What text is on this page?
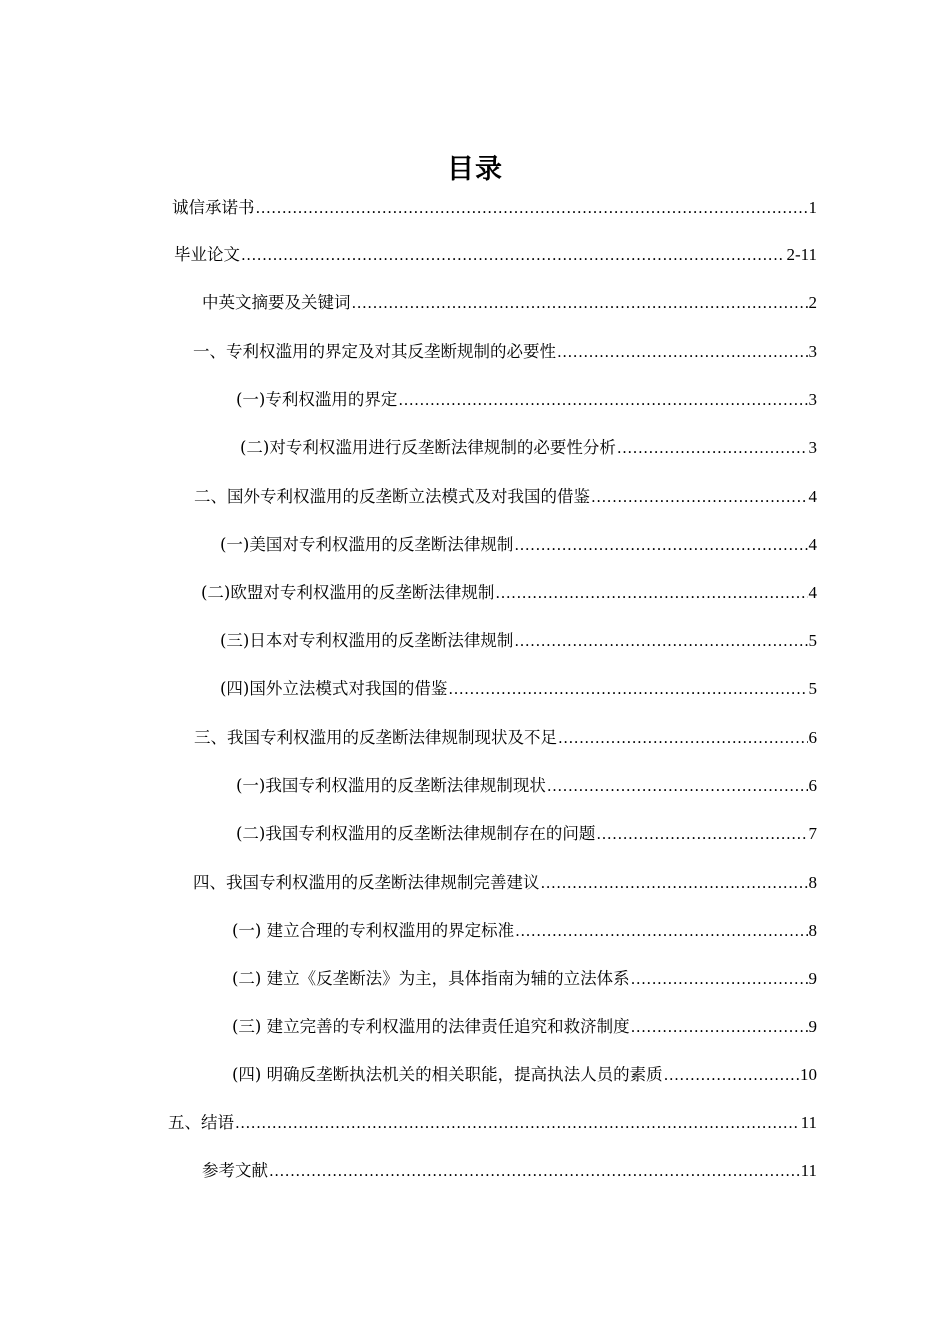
目录
诚信承诺书 .....	1
毕业论文 .....	2-11
中英文摘要及关键词 .....	2
一、专利权滥用的界定及对其反垄断规制的必要性 .....	3
(一)专利权滥用的界定 .....	3
(二)对专利权滥用进行反垄断法律规制的必要性分析 .....	3
二、国外专利权滥用的反垄断立法模式及对我国的借鉴 .....	4
(一)美国对专利权滥用的反垄断法律规制 .....	4
(二)欧盟对专利权滥用的反垄断法律规制 .....	4
(三)日本对专利权滥用的反垄断法律规制 .....	5
(四)国外立法模式对我国的借鉴 .....	5
三、我国专利权滥用的反垄断法律规制现状及不足 .....	6
(一)我国专利权滥用的反垄断法律规制现状 .....	6
(二)我国专利权滥用的反垄断法律规制存在的问题 .....	7
四、我国专利权滥用的反垄断法律规制完善建议 .....	8
(一) 建立合理的专利权滥用的界定标准 .....	8
(二) 建立《反垄断法》为主，具体指南为辅的立法体系 .....	9
(三) 建立完善的专利权滥用的法律责任追究和救济制度 .....	9
(四) 明确反垄断执法机关的相关职能，提高执法人员的素质 .....	10
五、结语 .....	11
参考文献 .....	11
